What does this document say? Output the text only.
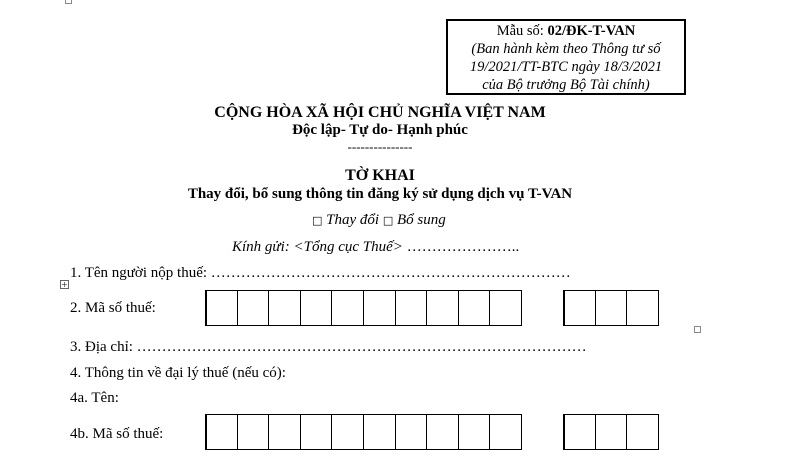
Mẫu số: 02/ĐK-T-VAN
(Ban hành kèm theo Thông tư số
19/2021/TT-BTC ngày 18/3/2021
của Bộ trưởng Bộ Tài chính)
CỘNG HÒA XÃ HỘI CHỦ NGHĨA VIỆT NAM
Độc lập- Tự do- Hạnh phúc
---------------
TỜ KHAI
Thay đổi, bổ sung thông tin đăng ký sử dụng dịch vụ T-VAN
□ Thay đổi □ Bổ sung
Kính gửi: <Tổng cục Thuế> …………………..
+
1. Tên người nộp thuế: ………………………………………………………………
2. Mã số thuế:
3. Địa chỉ: ………………………………………………………………………………
4. Thông tin về đại lý thuế (nếu có):
4a. Tên:
4b. Mã số thuế:
